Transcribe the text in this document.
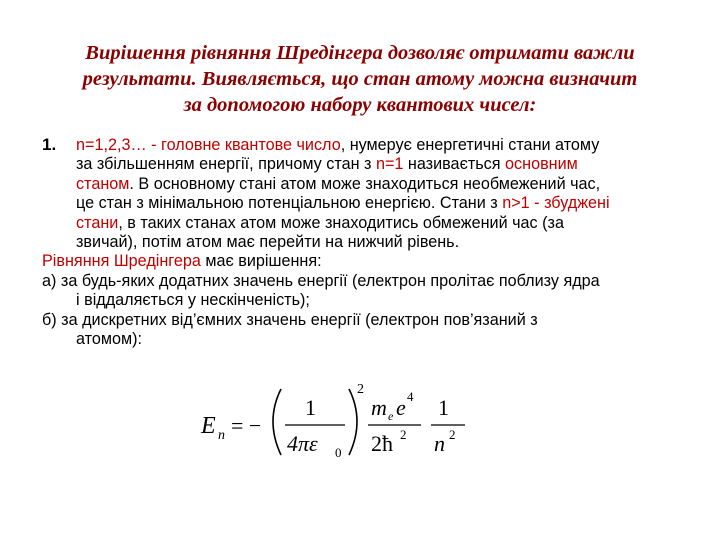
Вирішення рівняння Шредінгера дозволяє отримати важли
результати. Виявляється, що стан атому можна визначит
за допомогою набору квантових чисел:
1. n=1,2,3… - головне квантове число, нумерує енергетичні стани атому
за збільшенням енергії, причому стан з n=1 називається основним
станом. В основному стані атом може знаходиться необмежений час,
це стан з мінімальною потенціальною енергією. Стани з n>1 - збуджені
стани, в таких станах атом може знаходитись обмежений час (за
звичай), потім атом має перейти на нижчий рівень.
Рівняння Шредінгера має вирішення:
а) за будь-яких додатних значень енергії (електрон пролітає поблизу ядра
і віддаляється у нескінченість);
б) за дискретних від’ємних значень енергії (електрон пов’язаний з
атомом):
E n = −
1
4πε 0
2
m e e 4
2ħ 2
1
n 2
